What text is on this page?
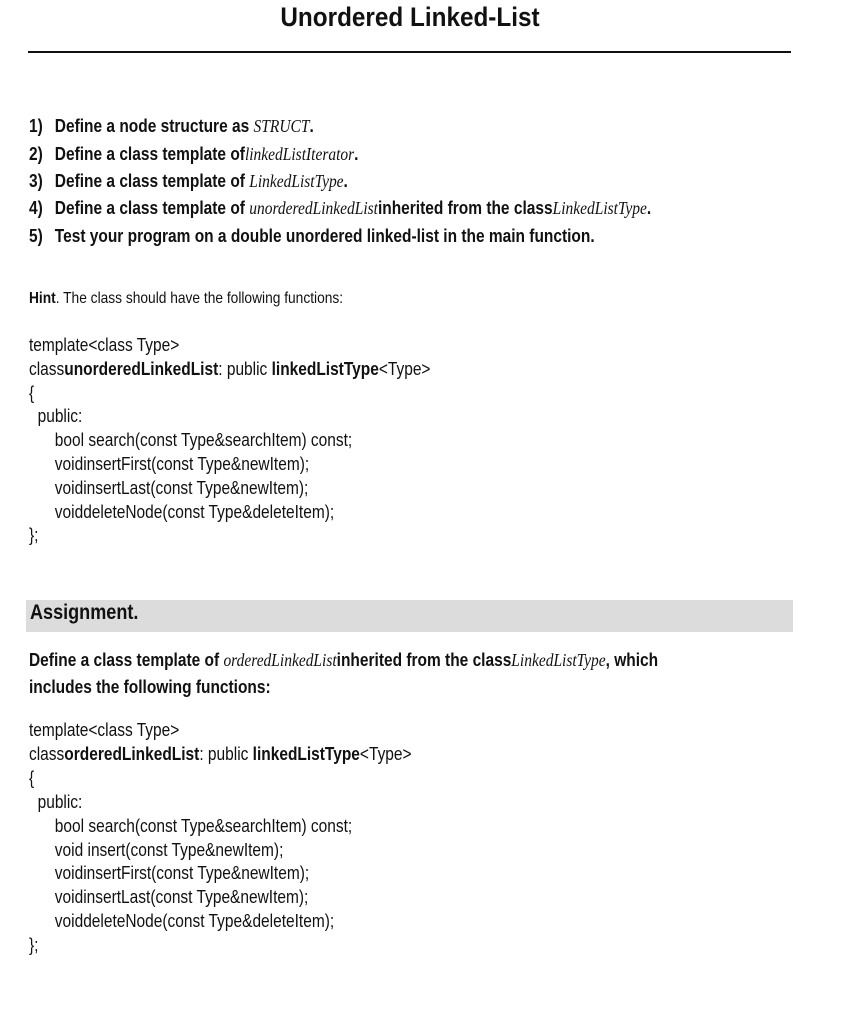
Unordered Linked-List
1) Define a node structure as STRUCT.
2) Define a class template oflinkedListIterator.
3) Define a class template of LinkedListType.
4) Define a class template of unorderedLinkedListinherited from the classLinkedListType.
5) Test your program on a double unordered linked-list in the main function.
Hint. The class should have the following functions:
template<class Type>
classunorderedLinkedList: public linkedListType<Type>
{
public:
bool search(const Type&searchItem) const;
voidinsertFirst(const Type&newItem);
voidinsertLast(const Type&newItem);
voiddeleteNode(const Type&deleteItem);
};
Assignment.
Define a class template of orderedLinkedListinherited from the classLinkedListType, which
includes the following functions:
template<class Type>
classorderedLinkedList: public linkedListType<Type>
{
public:
bool search(const Type&searchItem) const;
void insert(const Type&newItem);
voidinsertFirst(const Type&newItem);
voidinsertLast(const Type&newItem);
voiddeleteNode(const Type&deleteItem);
};
